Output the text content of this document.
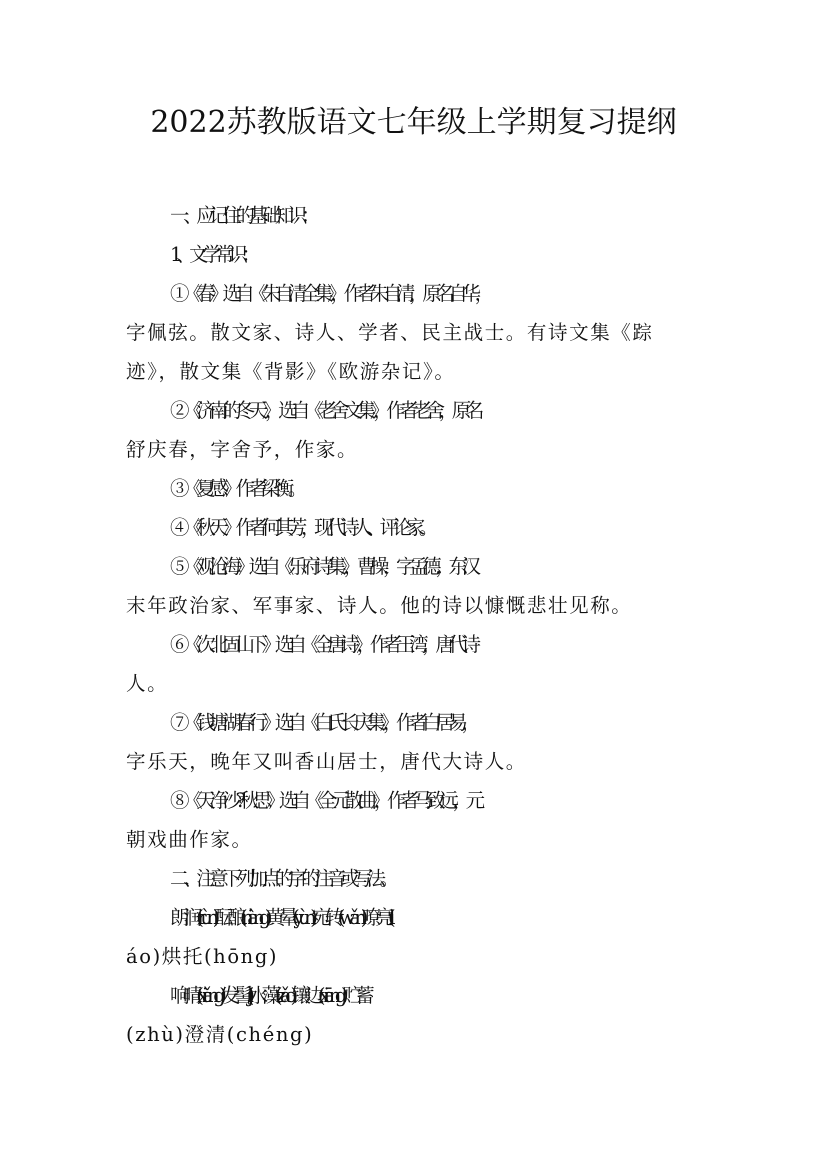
2022苏教版语文七年级上学期复习提纲

一、应记住的基础知识：

1、文学常识：

①《春》选自《朱自清全集》，作者朱自清，原名自华，
字佩弦。散文家、诗人、学者、民主战士。有诗文集《踪
迹》，散文集《背影》《欧游杂记》。

②《济南的冬天》，选自《老舍文集》，作者老舍，原名
舒庆春，字舍予，作家。

③《夏感》作者梁衡。

④《秋天》作者何其芳，现代诗人、评论家。

⑤《观沧海》选自《乐府诗集》，曹操，字孟德，东汉
末年政治家、军事家、诗人。他的诗以慷慨悲壮见称。

⑥《次北固山下》选自《全唐诗》，作者王湾，唐代诗
人。

⑦《钱塘湖春行》选自《白氏长庆集》，作者白居易，
字乐天，晚年又叫香山居士，唐代大诗人。

⑧《天净沙?秋思》选自《全元散曲》，作者马致远，元
朝戏曲作家。

二、注意下列加点的字的注音或写法。

朗润(rùn)酝酿(niàng)黄晕(yùn)宛转(wǎn)嘹亮(li
áo)烘托(hōng)

响晴(xiǎng)发髻(jì)水藻(zǎo)镶边(xiāng)贮蓄
(zhù)澄清(chéng)
